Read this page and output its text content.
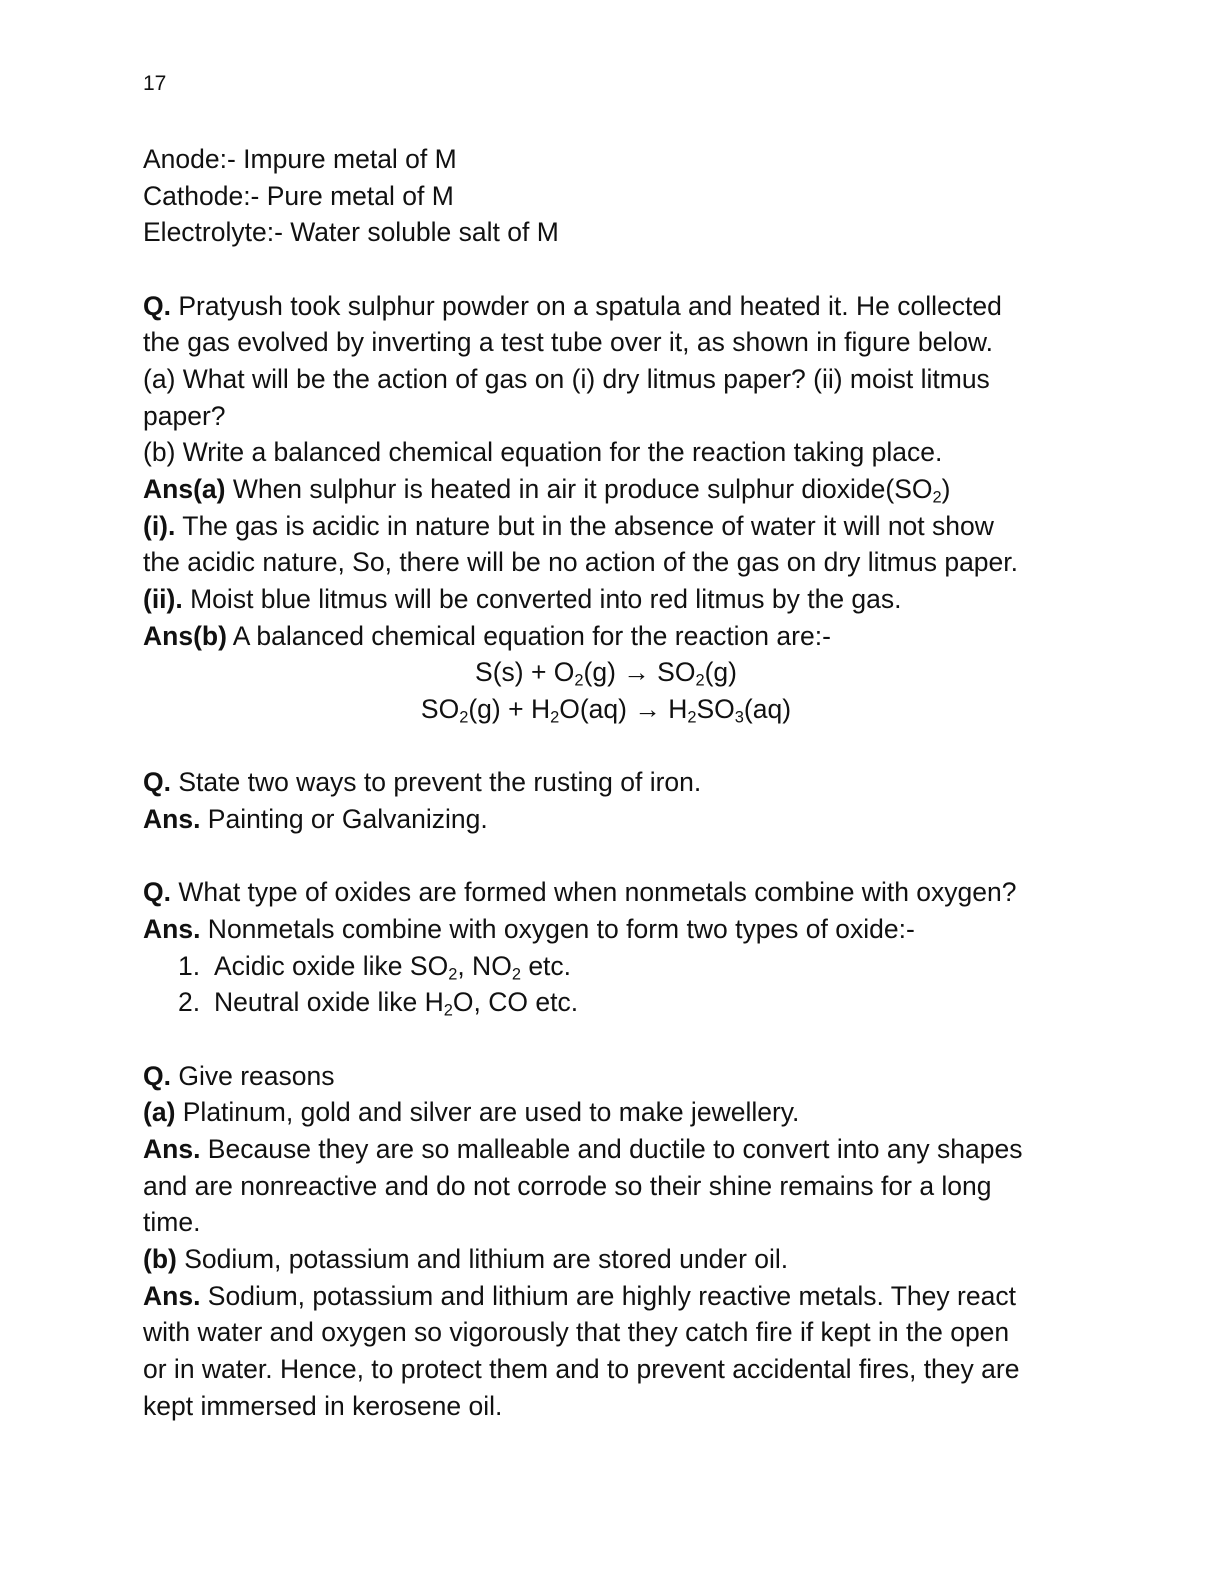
17
Anode:- Impure metal of M
Cathode:- Pure metal of M
Electrolyte:- Water soluble salt of M
Q. Pratyush took sulphur powder on a spatula and heated it. He collected
the gas evolved by inverting a test tube over it, as shown in figure below.
(a) What will be the action of gas on (i) dry litmus paper? (ii) moist litmus
paper?
(b) Write a balanced chemical equation for the reaction taking place.
Ans(a) When sulphur is heated in air it produce sulphur $dioxide(SO_2)$
(i). The gas is acidic in nature but in the absence of water it will not show
the acidic nature, So, there will be no action of the gas on dry litmus paper.
(ii). Moist blue litmus will be converted into red litmus by the gas.
Ans(b) A balanced chemical equation for the reaction are:-
$S(s) + O_2(g) \to SO_2(g)$
$SO_2(g) + H_2O(aq) \to H_2SO_3(aq)$
Q. State two ways to prevent the rusting of iron.
Ans. Painting or Galvanizing.
Q. What type of oxides are formed when nonmetals combine with oxygen?
Ans. Nonmetals combine with oxygen to form two types of oxide:-
1. Acidic oxide like $SO_2$, $NO_2$ etc.
2. Neutral oxide like $H_2O$, CO etc.
Q. Give reasons
(a) Platinum, gold and silver are used to make jewellery.
Ans. Because they are so malleable and ductile to convert into any shapes
and are nonreactive and do not corrode so their shine remains for a long
time.
(b) Sodium, potassium and lithium are stored under oil.
Ans. Sodium, potassium and lithium are highly reactive metals. They react
with water and oxygen so vigorously that they catch fire if kept in the open
or in water. Hence, to protect them and to prevent accidental fires, they are
kept immersed in kerosene oil.
